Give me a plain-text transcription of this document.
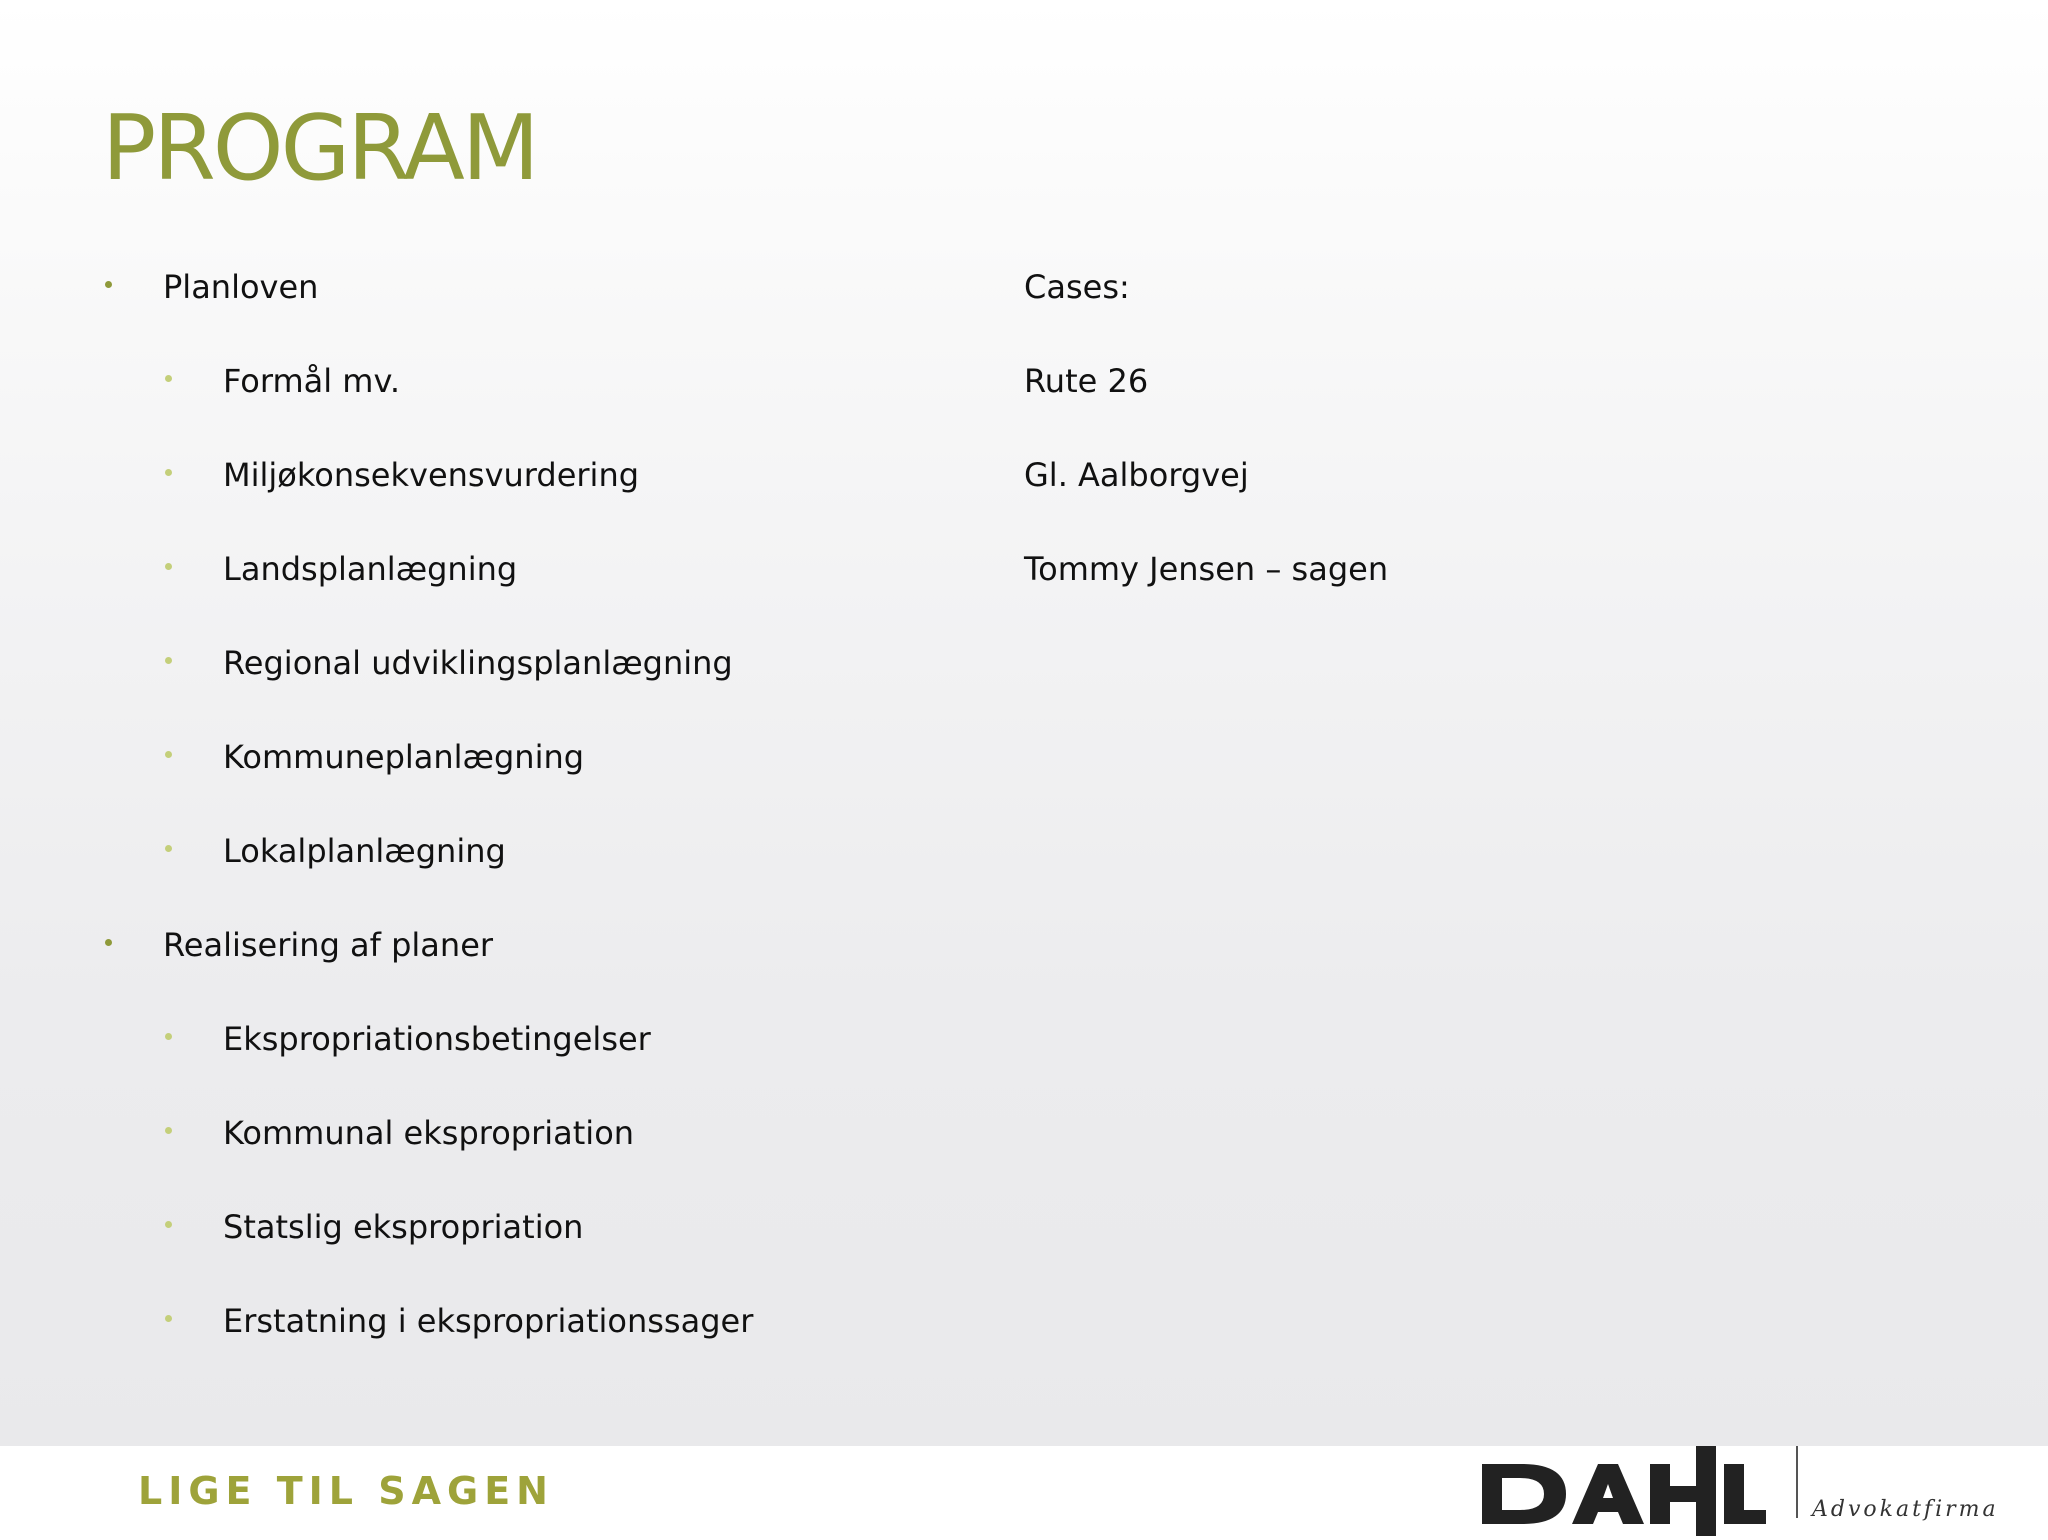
PROGRAM
Planloven
Formål mv.
Miljøkonsekvensvurdering
Landsplanlægning
Regional udviklingsplanlægning
Kommuneplanlægning
Lokalplanlægning
Realisering af planer
Ekspropriationsbetingelser
Kommunal ekspropriation
Statslig ekspropriation
Erstatning i ekspropriationssager
Cases:
Rute 26
Gl. Aalborgvej
Tommy Jensen – sagen
LIGE TIL SAGEN	Advokatfirma
